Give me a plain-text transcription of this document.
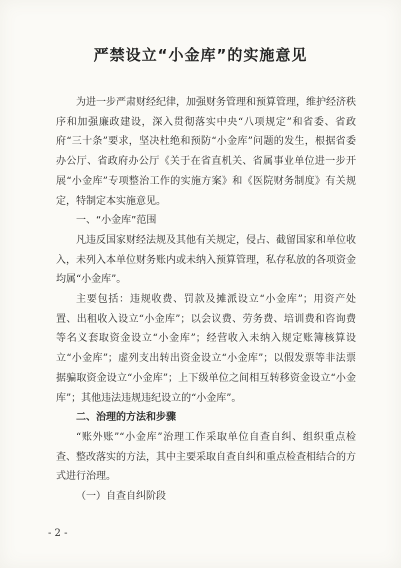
严禁设立“小金库”的实施意见

为进一步严肃财经纪律，加强财务管理和预算管理，维护经济秩序和加强廉政建设，深入贯彻落实中央“八项规定”和省委、省政府“三十条”要求，坚决杜绝和预防“小金库”问题的发生，根据省委办公厅、省政府办公厅《关于在省直机关、省属事业单位进一步开展“小金库”专项整治工作的实施方案》和《医院财务制度》有关规定，特制定本实施意见。

一、“小金库”范围

凡违反国家财经法规及其他有关规定，侵占、截留国家和单位收入，未列入本单位财务账内或未纳入预算管理，私存私放的各项资金均属“小金库”。

主要包括：违规收费、罚款及摊派设立“小金库”；用资产处置、出租收入设立“小金库”；以会议费、劳务费、培训费和咨询费等名义套取资金设立“小金库”；经营收入未纳入规定账簿核算设立“小金库”；虚列支出转出资金设立“小金库”；以假发票等非法票据骗取资金设立“小金库”；上下级单位之间相互转移资金设立“小金库”；其他违法违规违纪设立的“小金库”。

二、治理的方法和步骤

“账外账”“小金库”治理工作采取单位自查自纠、组织重点检查、整改落实的方法，其中主要采取自查自纠和重点检查相结合的方式进行治理。

（一）自查自纠阶段

- 2 -
